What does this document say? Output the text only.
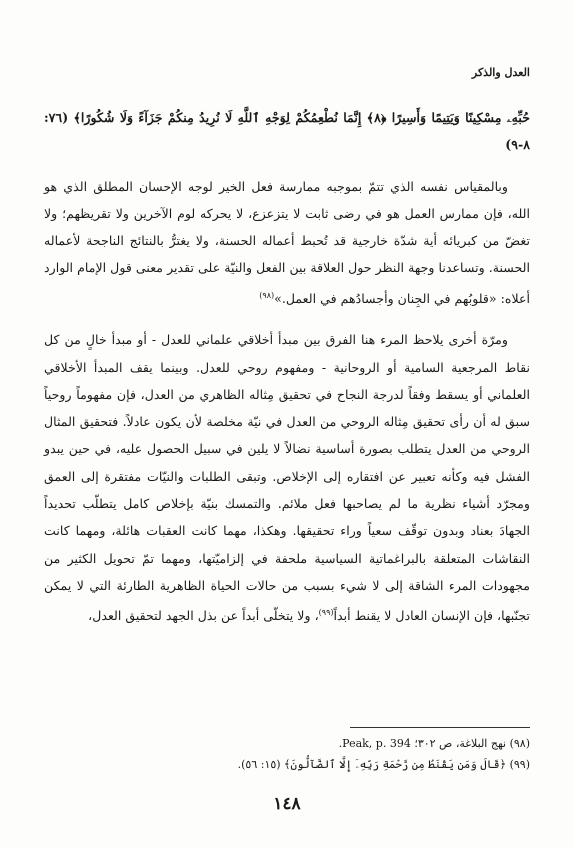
العدل والذكر

حُبِّهِۦ مِسْكِينًا وَيَتِيمًا وَأَسِيرًا ﴿٨﴾ إِنَّمَا نُطْعِمُكُمْ لِوَجْهِ ٱللَّهِ لَا نُرِيدُ مِنكُمْ جَزَآءً وَلَا شُكُورًا﴾ (٧٦: ٨-٩)

وبالمقياس نفسه الذي تتمّ بموجبه ممارسة فعل الخير لوجه الإحسان المطلق الذي هو الله، فإن ممارس العمل هو في رضى ثابت لا يتزعزع، لا يحركه لوم الآخرين ولا تقريظهم؛ ولا تغضّ من كبريائه أية شدّة خارجية قد تُحبط أعماله الحسنة، ولا يغترُّ بالنتائج الناجحة لأعماله الحسنة. وتساعدنا وجهة النظر حول العلاقة بين الفعل والنيّة على تقدير معنى قول الإمام الوارد أعلاه: «قلوبُهم في الجِنان وأجسادُهم في العمل.»$^{(٩٨)}$

ومرّة أخرى يلاحظ المرء هنا الفرق بين مبدأ أخلاقي علماني للعدل - أو مبدأ خالٍ من كل نقاط المرجعية السامية أو الروحانية - ومفهوم روحي للعدل. وبينما يقف المبدأ الأخلاقي العلماني أو يسقط وفقاً لدرجة النجاح في تحقيق مِثاله الظاهري من العدل، فإن مفهوماً روحياً سبق له أن رأى تحقيق مِثاله الروحي من العدل في نيّة مخلصة لأن يكون عادلاً. فتحقيق المثال الروحي من العدل يتطلب بصورة أساسية نضالاً لا يلين في سبيل الحصول عليه، في حين يبدو الفشل فيه وكأنه تعبير عن افتقاره إلى الإخلاص. وتبقى الطلبات والنيّات مفتقرة إلى العمق ومجرّد أشياء نظرية ما لم يصاحبها فعل ملائم. والتمسك بنيّة بإخلاص كامل يتطلّب تحديداً الجهادَ بعناد وبدون توقّف سعياً وراء تحقيقها. وهكذا، مهما كانت العقبات هائلة، ومهما كانت النقاشات المتعلقة بالبراغماتية السياسية ملحفة في إلزاميّتها، ومهما تمّ تحويل الكثير من مجهودات المرء الشاقة إلى لا شيء بسبب من حالات الحياة الظاهرية الطارئة التي لا يمكن تجنّبها، فإن الإنسان العادل لا يقنط أبداً$^{(٩٩)}$، ولا يتخلّى أبداً عن بذل الجهد لتحقيق العدل،

(٩٨) نهج البلاغة، ص ٣٠٢؛ Peak, p. 394.

(٩٩) ﴿قَالَ وَمَن يَقْنَطُ مِن رَّحْمَةِ رَبِّهِۦٓ إِلَّا ٱلضَّآلُّونَ﴾ (١٥: ٥٦).

١٤٨
